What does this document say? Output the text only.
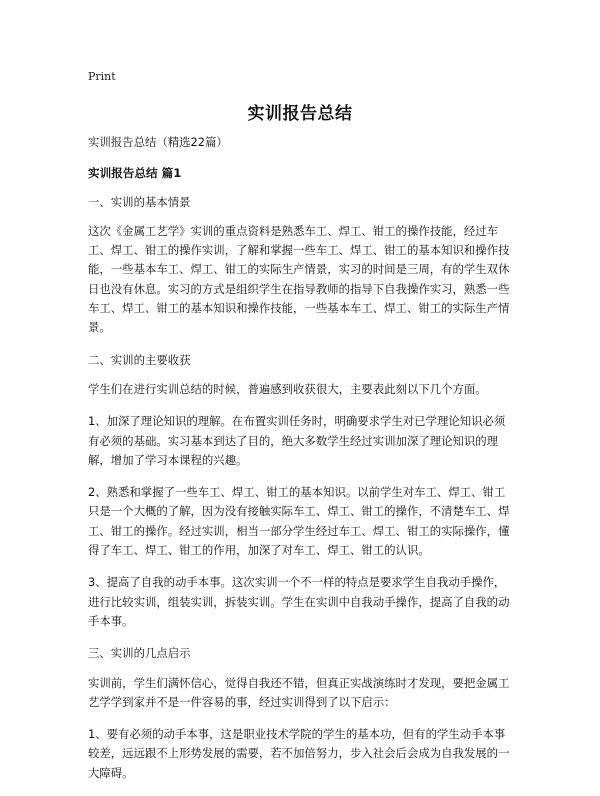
Print
实训报告总结

实训报告总结（精选22篇）

实训报告总结 篇1

一、实训的基本情景

这次《金属工艺学》实训的重点资料是熟悉车工、焊工、钳工的操作技能，经过车工、焊工、钳工的操作实训，了解和掌握一些车工、焊工、钳工的基本知识和操作技能，一些基本车工、焊工、钳工的实际生产情景，实习的时间是三周，有的学生双休日也没有休息。实习的方式是组织学生在指导教师的指导下自我操作实习，熟悉一些车工、焊工、钳工的基本知识和操作技能，一些基本车工、焊工、钳工的实际生产情景。

二、实训的主要收获

学生们在进行实训总结的时候，普遍感到收获很大，主要表此刻以下几个方面。

1、加深了理论知识的理解。在布置实训任务时，明确要求学生对已学理论知识必须有必须的基础。实习基本到达了目的，绝大多数学生经过实训加深了理论知识的理解，增加了学习本课程的兴趣。

2、熟悉和掌握了一些车工、焊工、钳工的基本知识。以前学生对车工、焊工、钳工只是一个大概的了解，因为没有接触实际车工、焊工、钳工的操作，不清楚车工、焊工、钳工的操作。经过实训，相当一部分学生经过车工、焊工、钳工的实际操作，懂得了车工、焊工、钳工的作用，加深了对车工、焊工、钳工的认识。

3、提高了自我的动手本事。这次实训一个不一样的特点是要求学生自我动手操作，进行比较实训，组装实训，拆装实训。学生在实训中自我动手操作，提高了自我的动手本事。

三、实训的几点启示

实训前，学生们满怀信心，觉得自我还不错，但真正实战演练时才发现，要把金属工艺学学到家并不是一件容易的事，经过实训得到了以下启示：

1、要有必须的动手本事，这是职业技术学院的学生的基本功，但有的学生动手本事较差，远远跟不上形势发展的需要，若不加倍努力，步入社会后会成为自我发展的一大障碍。
